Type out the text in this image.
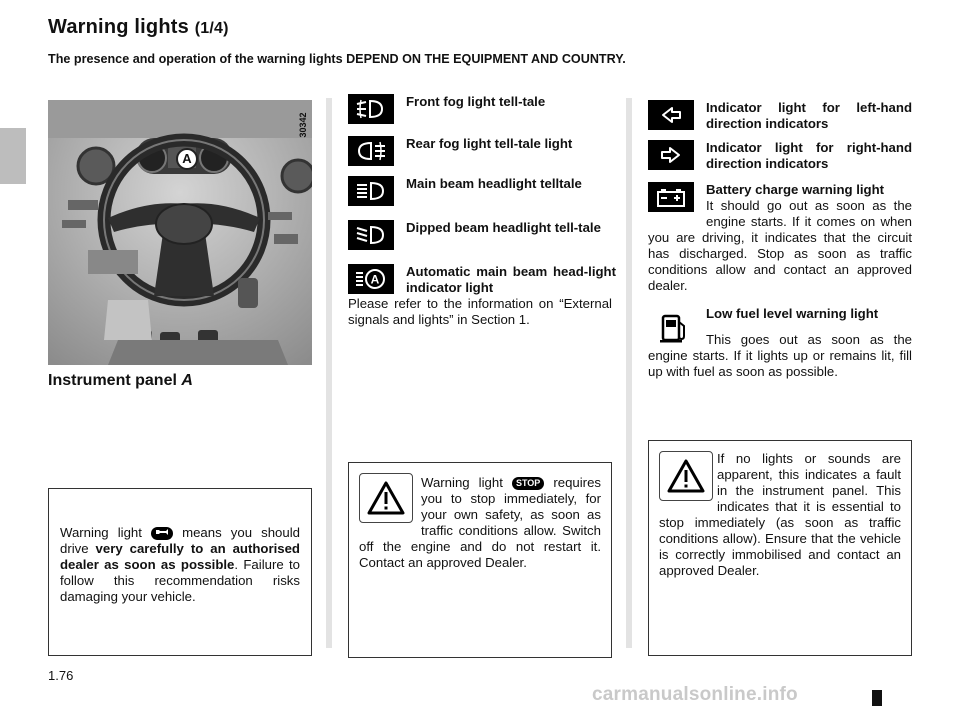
Warning lights (1/4)
The presence and operation of the warning lights DEPEND ON THE EQUIPMENT AND COUNTRY.
30342
A
Instrument panel A
Warning light  means you should drive very carefully to an authorised dealer as soon as possible. Failure to follow this recommendation risks damaging your vehicle.
Front fog light tell-tale
Rear fog light tell-tale light
Main beam headlight telltale
Dipped beam headlight tell-tale
A
Automatic main beam head-light indicator light
Please refer to the information on “External signals and lights” in Section 1.
Warning light STOP requires you to stop immediately, for your own safety, as soon as traffic conditions allow. Switch off the engine and do not restart it. Contact an approved Dealer.
Indicator light for left-hand direction indicators
Indicator light for right-hand direction indicators
Battery charge warning light
It should go out as soon as the engine starts. If it comes on when you are driving, it indicates that the circuit has discharged. Stop as soon as traffic conditions allow and contact an approved dealer.
Low fuel level warning light
This goes out as soon as the engine starts. If it lights up or remains lit, fill up with fuel as soon as possible.
If no lights or sounds are apparent, this indicates a fault in the instrument panel. This indicates that it is essential to stop immediately (as soon as traffic conditions allow). Ensure that the vehicle is correctly immobilised and contact an approved Dealer.
1.76
carmanualsonline.info
